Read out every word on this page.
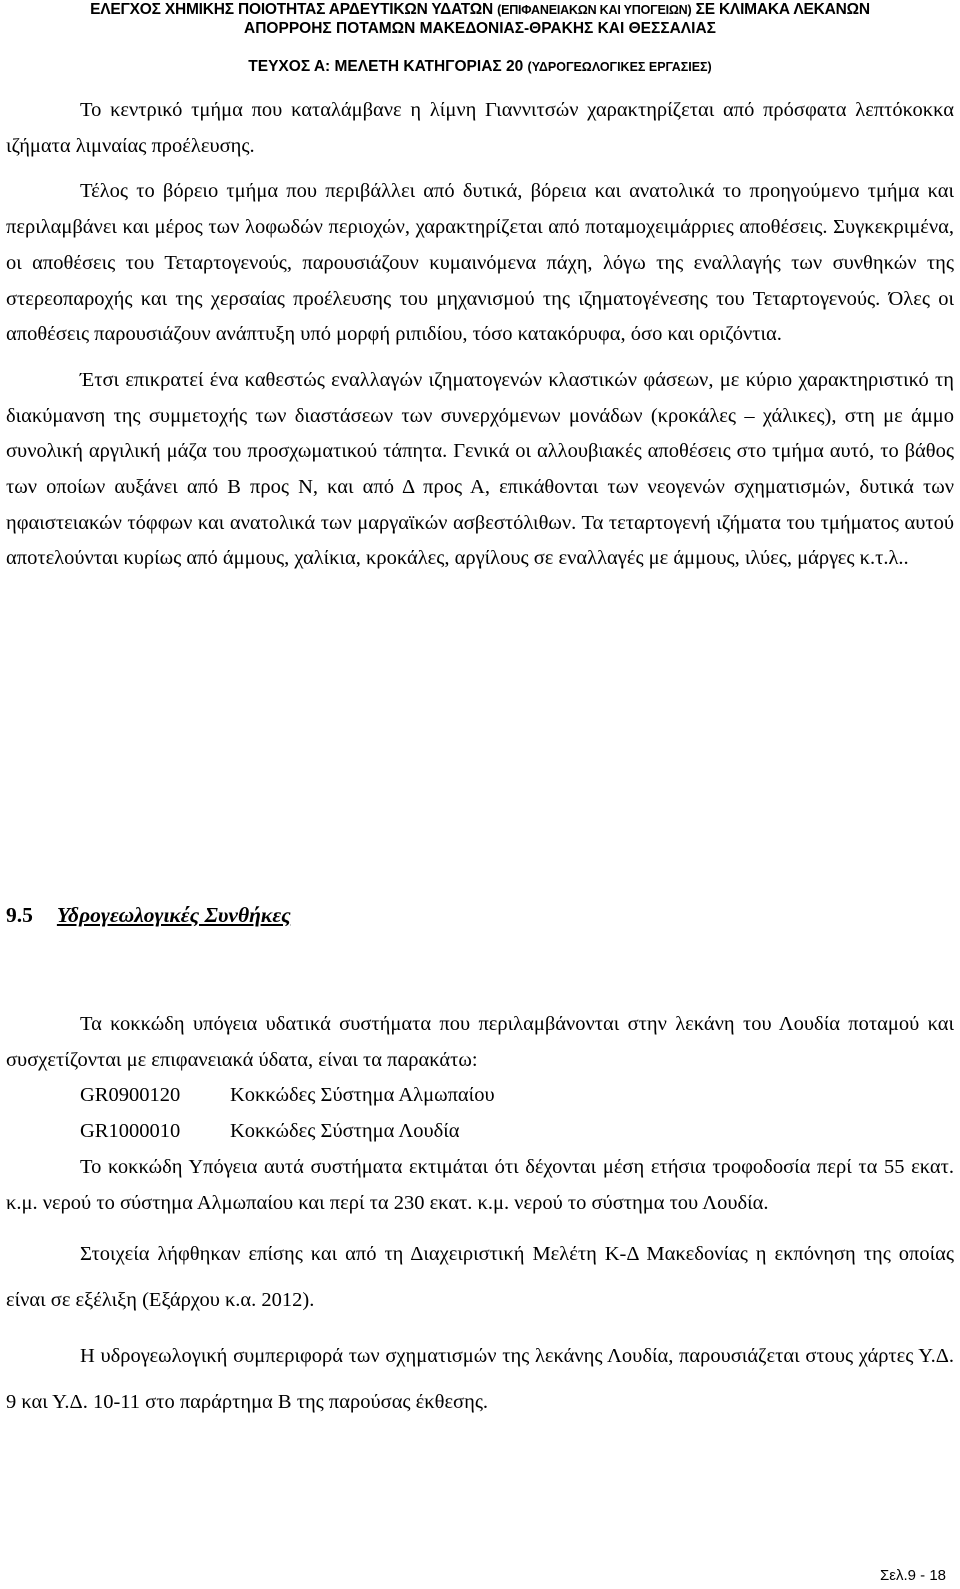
ΕΛΕΓΧΟΣ ΧΗΜΙΚΗΣ ΠΟΙΟΤΗΤΑΣ ΑΡΔΕΥΤΙΚΩΝ ΥΔΑΤΩΝ (ΕΠΙΦΑΝΕΙΑΚΩΝ ΚΑΙ ΥΠΟΓΕΙΩΝ) ΣΕ ΚΛΙΜΑΚΑ ΛΕΚΑΝΩΝ
ΑΠΟΡΡΟΗΣ ΠΟΤΑΜΩΝ ΜΑΚΕΔΟΝΙΑΣ-ΘΡΑΚΗΣ ΚΑΙ ΘΕΣΣΑΛΙΑΣ
ΤΕΥΧΟΣ Α: ΜΕΛΕΤΗ ΚΑΤΗΓΟΡΙΑΣ 20 (ΥΔΡΟΓΕΩΛΟΓΙΚΕΣ ΕΡΓΑΣΙΕΣ)

Το κεντρικό τμήμα που καταλάμβανε η λίμνη Γιαννιτσών χαρακτηρίζεται από πρόσφατα λεπτόκοκκα ιζήματα λιμναίας προέλευσης.

Τέλος το βόρειο τμήμα που περιβάλλει από δυτικά, βόρεια και ανατολικά το προηγούμενο τμήμα και περιλαμβάνει και μέρος των λοφωδών περιοχών, χαρακτηρίζεται από ποταμοχειμάρριες αποθέσεις. Συγκεκριμένα, οι αποθέσεις του Τεταρτογενούς, παρουσιάζουν κυμαινόμενα πάχη, λόγω της εναλλαγής των συνθηκών της στερεοπαροχής και της χερσαίας προέλευσης του μηχανισμού της ιζηματογένεσης του Τεταρτογενούς. Όλες οι αποθέσεις παρουσιάζουν ανάπτυξη υπό μορφή ριπιδίου, τόσο κατακόρυφα, όσο και οριζόντια.

Έτσι επικρατεί ένα καθεστώς εναλλαγών ιζηματογενών κλαστικών φάσεων, με κύριο χαρακτηριστικό τη διακύμανση της συμμετοχής των διαστάσεων των συνερχόμενων μονάδων (κροκάλες – χάλικες), στη με άμμο συνολική αργιλική μάζα του προσχωματικού τάπητα. Γενικά οι αλλουβιακές αποθέσεις στο τμήμα αυτό, το βάθος των οποίων αυξάνει από Β προς Ν, και από Δ προς Α, επικάθονται των νεογενών σχηματισμών, δυτικά των ηφαιστειακών τόφφων και ανατολικά των μαργαϊκών ασβεστόλιθων. Τα τεταρτογενή ιζήματα του τμήματος αυτού αποτελούνται κυρίως από άμμους, χαλίκια, κροκάλες, αργίλους σε εναλλαγές με άμμους, ιλύες, μάργες κ.τ.λ..

9.5 Υδρογεωλογικές Συνθήκες

Τα κοκκώδη υπόγεια υδατικά συστήματα που περιλαμβάνονται στην λεκάνη του Λουδία ποταμού και συσχετίζονται με επιφανειακά ύδατα, είναι τα παρακάτω:

GR0900120 Κοκκώδες Σύστημα Αλμωπαίου

GR1000010 Κοκκώδες Σύστημα Λουδία

Το κοκκώδη Υπόγεια αυτά συστήματα εκτιμάται ότι δέχονται μέση ετήσια τροφοδοσία περί τα 55 εκατ. κ.μ. νερού το σύστημα Αλμωπαίου και περί τα 230 εκατ. κ.μ. νερού το σύστημα του Λουδία.

Στοιχεία λήφθηκαν επίσης και από τη Διαχειριστική Μελέτη Κ-Δ Μακεδονίας η εκπόνηση της οποίας είναι σε εξέλιξη (Εξάρχου κ.α. 2012).

Η υδρογεωλογική συμπεριφορά των σχηματισμών της λεκάνης Λουδία, παρουσιάζεται στους χάρτες Υ.Δ. 9 και Υ.Δ. 10-11 στο παράρτημα Β της παρούσας έκθεσης.

Σελ.9 - 18
